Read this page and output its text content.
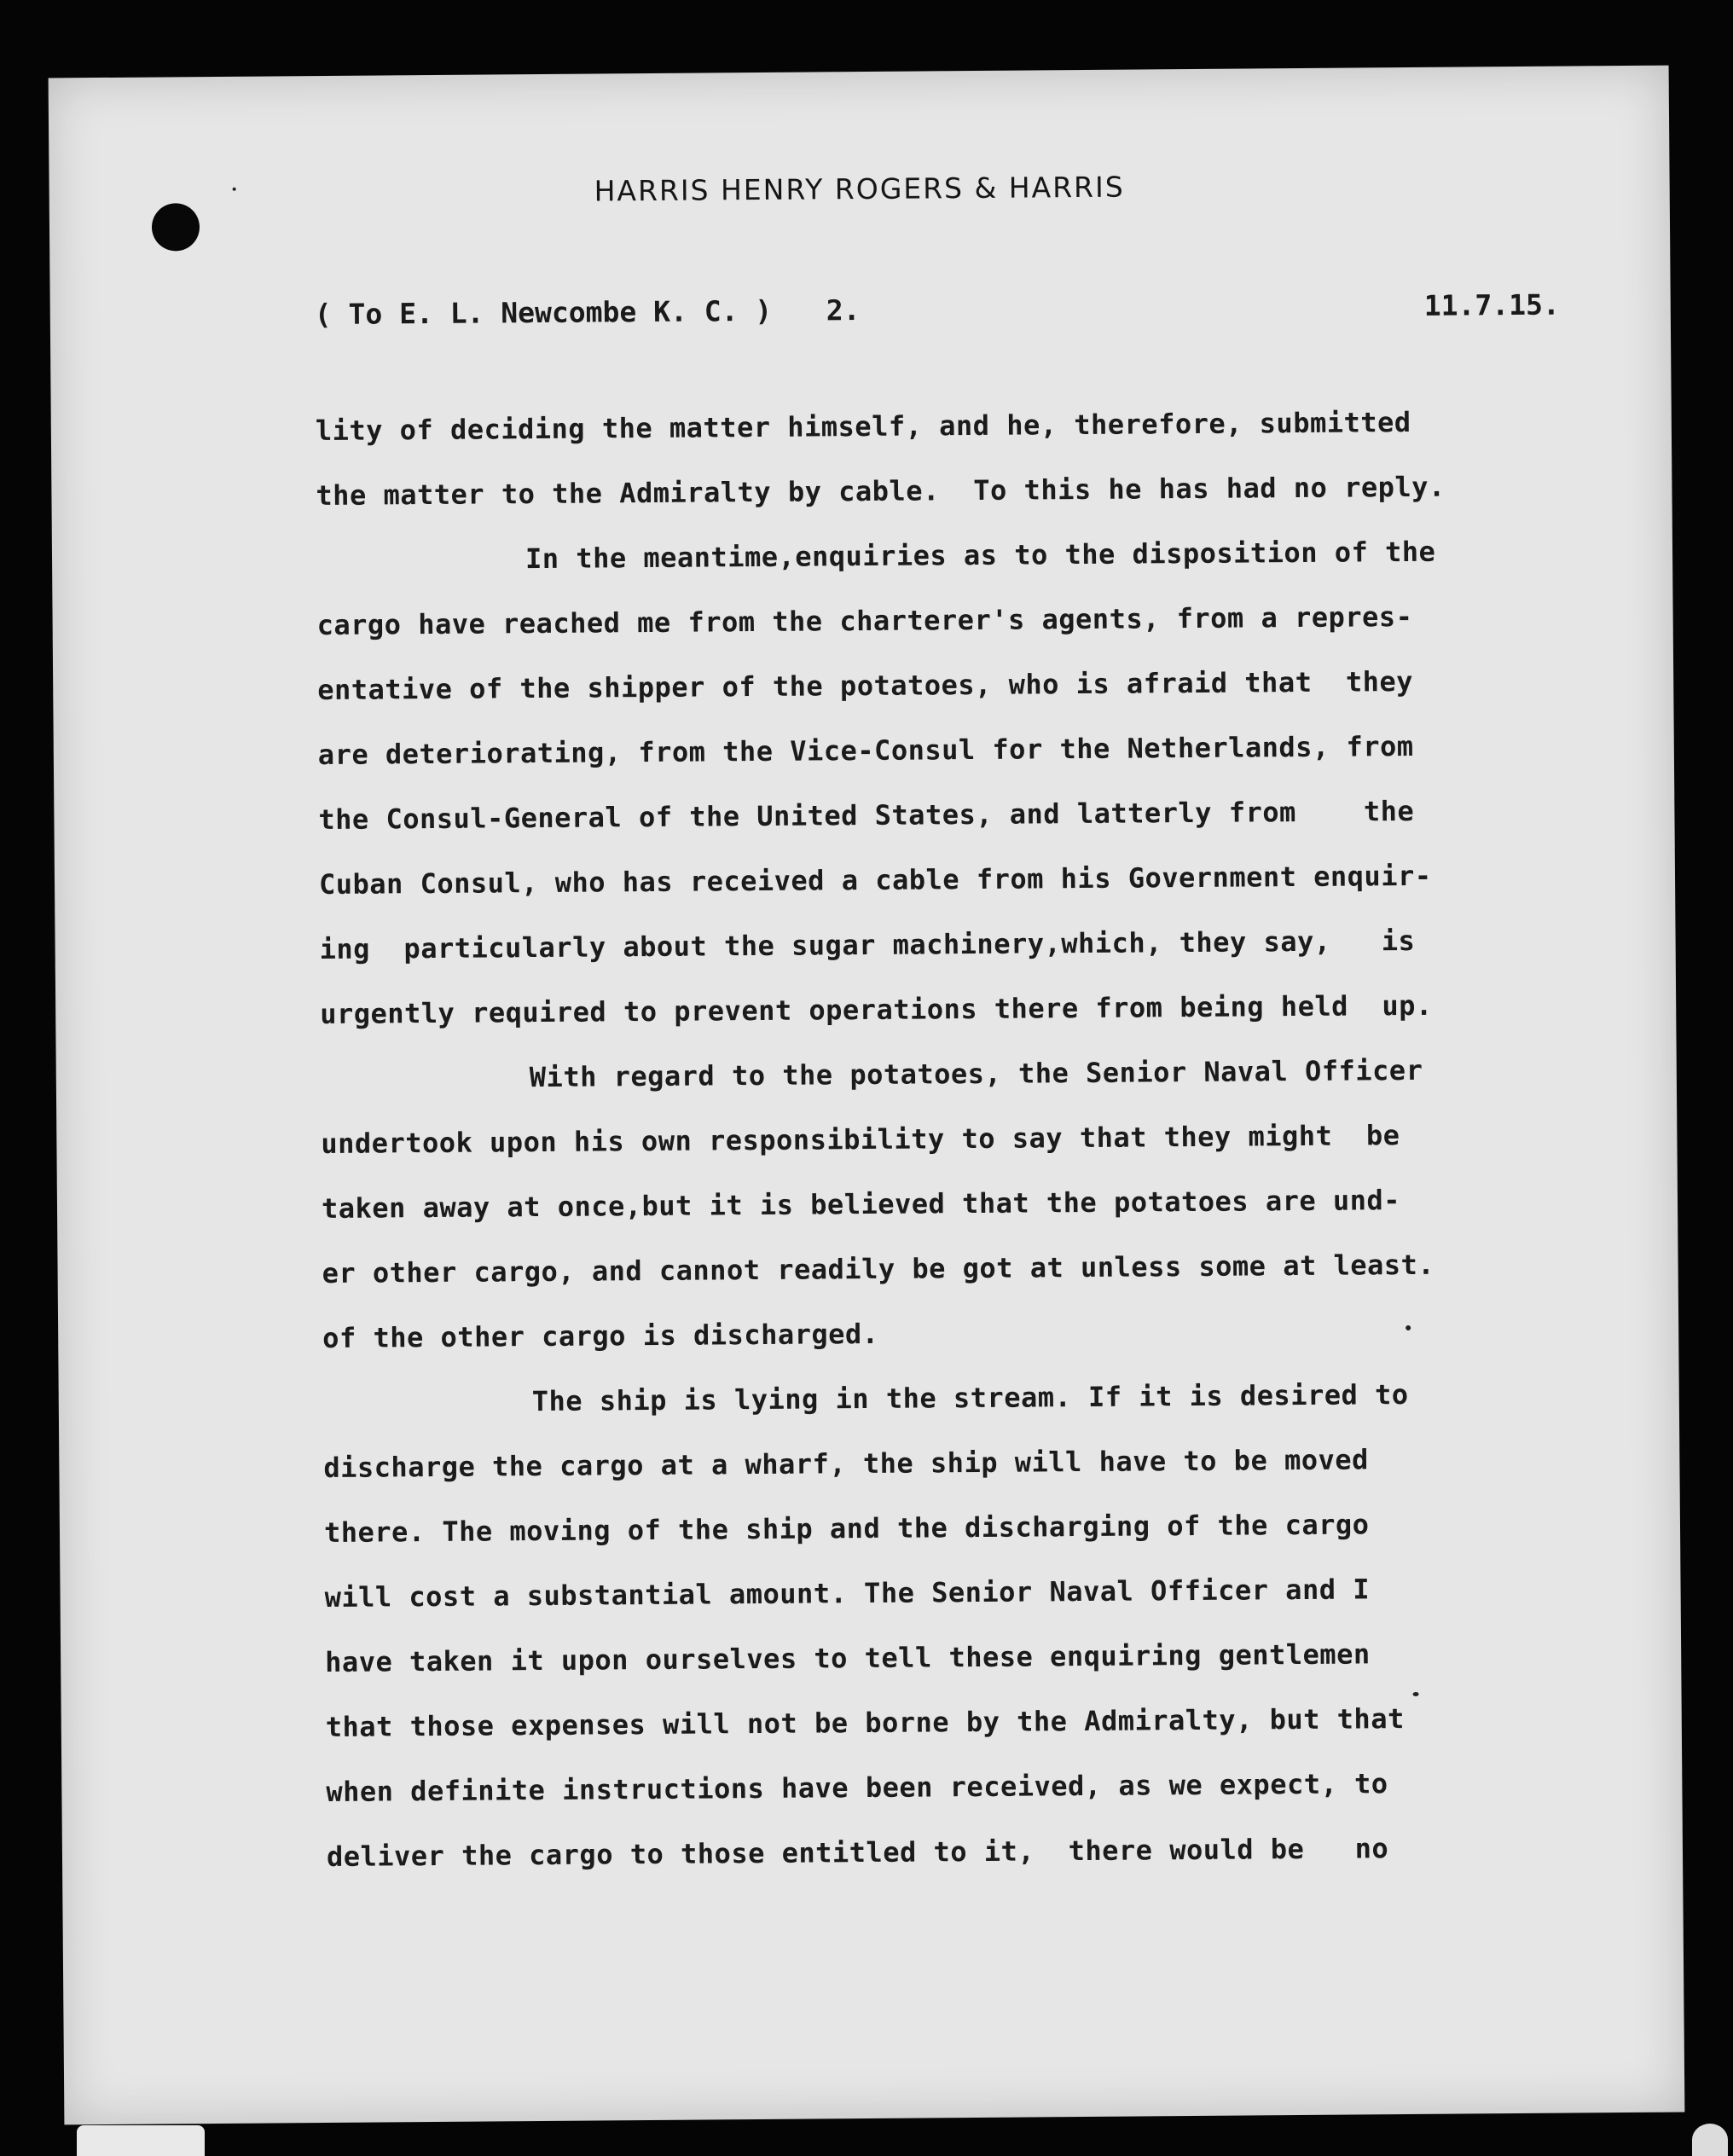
HARRIS HENRY ROGERS & HARRIS
( To E. L. Newcombe K. C. ) 2.	11.7.15.
lity of deciding the matter himself, and he, therefore, submitted
the matter to the Admiralty by cable.  To this he has had no reply.
In the meantime,enquiries as to the disposition of the
cargo have reached me from the charterer's agents, from a repres-
entative of the shipper of the potatoes, who is afraid that  they
are deteriorating, from the Vice-Consul for the Netherlands, from
the Consul-General of the United States, and latterly from    the
Cuban Consul, who has received a cable from his Government enquir-
ing  particularly about the sugar machinery,which, they say,   is
urgently required to prevent operations there from being held  up.
With regard to the potatoes, the Senior Naval Officer
undertook upon his own responsibility to say that they might  be
taken away at once,but it is believed that the potatoes are und-
er other cargo, and cannot readily be got at unless some at least.
of the other cargo is discharged.
The ship is lying in the stream. If it is desired to
discharge the cargo at a wharf, the ship will have to be moved
there. The moving of the ship and the discharging of the cargo
will cost a substantial amount. The Senior Naval Officer and I
have taken it upon ourselves to tell these enquiring gentlemen
that those expenses will not be borne by the Admiralty, but that
when definite instructions have been received, as we expect, to
deliver the cargo to those entitled to it,  there would be   no
